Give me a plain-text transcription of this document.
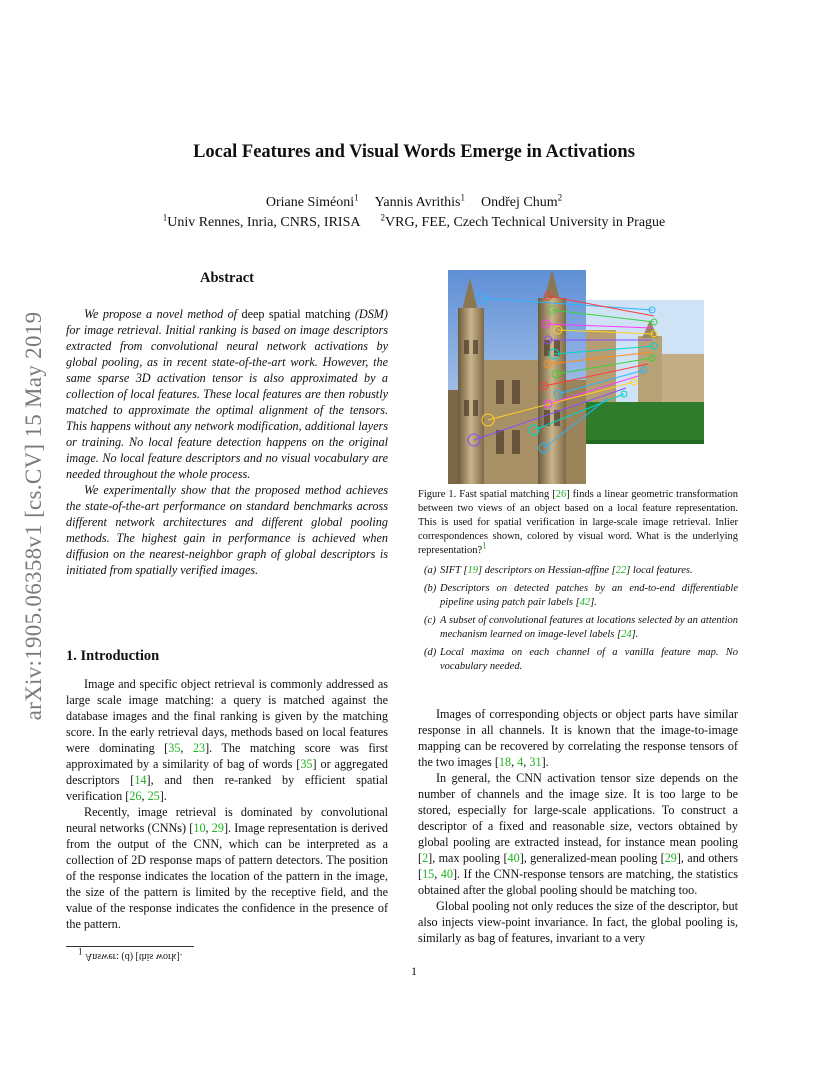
arXiv:1905.06358v1 [cs.CV] 15 May 2019
Local Features and Visual Words Emerge in Activations
Oriane Siméoni$^1$ Yannis Avrithis$^1$ Ondřej Chum$^2$
$^1$Univ Rennes, Inria, CNRS, IRISA $^2$VRG, FEE, Czech Technical University in Prague
Abstract

We propose a novel method of deep spatial matching (DSM) for image retrieval. Initial ranking is based on image descriptors extracted from convolutional neural network activations by global pooling, as in recent state-of-the-art work. However, the same sparse 3D activation tensor is also approximated by a collection of local features. These local features are then robustly matched to approximate the optimal alignment of the tensors. This happens without any network modification, additional layers or training. No local feature detection happens on the original image. No local feature descriptors and no visual vocabulary are needed throughout the whole process.

We experimentally show that the proposed method achieves the state-of-the-art performance on standard benchmarks across different network architectures and different global pooling methods. The highest gain in performance is achieved when diffusion on the nearest-neighbor graph of global descriptors is initiated from spatially verified images.

1. Introduction

Image and specific object retrieval is commonly addressed as large scale image matching: a query is matched against the database images and the final ranking is given by the matching score. In the early retrieval days, methods based on local features were dominating [35, 23]. The matching score was first approximated by a similarity of bag of words [35] or aggregated descriptors [14], and then re-ranked by efficient spatial verification [26, 25].

Recently, image retrieval is dominated by convolutional neural networks (CNNs) [10, 29]. Image representation is derived from the output of the CNN, which can be interpreted as a collection of 2D response maps of pattern detectors. The position of the response indicates the location of the pattern in the image, the size of the pattern is limited by the receptive field, and the value of the response indicates the confidence in the presence of the pattern.

$^1$ Answer: (d) [this work].
1

Figure 1. Fast spatial matching [26] finds a linear geometric transformation between two views of an object based on a local feature representation. This is used for spatial verification in large-scale image retrieval. Inlier correspondences shown, colored by visual word. What is the underlying representation?$^1$

(a) SIFT [19] descriptors on Hessian-affine [22] local features.
(b) Descriptors on detected patches by an end-to-end differentiable pipeline using patch pair labels [42].
(c) A subset of convolutional features at locations selected by an attention mechanism learned on image-level labels [24].
(d) Local maxima on each channel of a vanilla feature map. No vocabulary needed.

Images of corresponding objects or object parts have similar response in all channels. It is known that the image-to-image mapping can be recovered by correlating the response tensors of the two images [18, 4, 31].

In general, the CNN activation tensor size depends on the number of channels and the image size. It is too large to be stored, especially for large-scale applications. To construct a descriptor of a fixed and reasonable size, vectors obtained by global pooling are extracted instead, for instance mean pooling [2], max pooling [40], generalized-mean pooling [29], and others [15, 40]. If the CNN-response tensors are matching, the statistics obtained after the global pooling should be matching too.

Global pooling not only reduces the size of the descriptor, but also injects view-point invariance. In fact, the global pooling is, similarly as bag of features, invariant to a very
